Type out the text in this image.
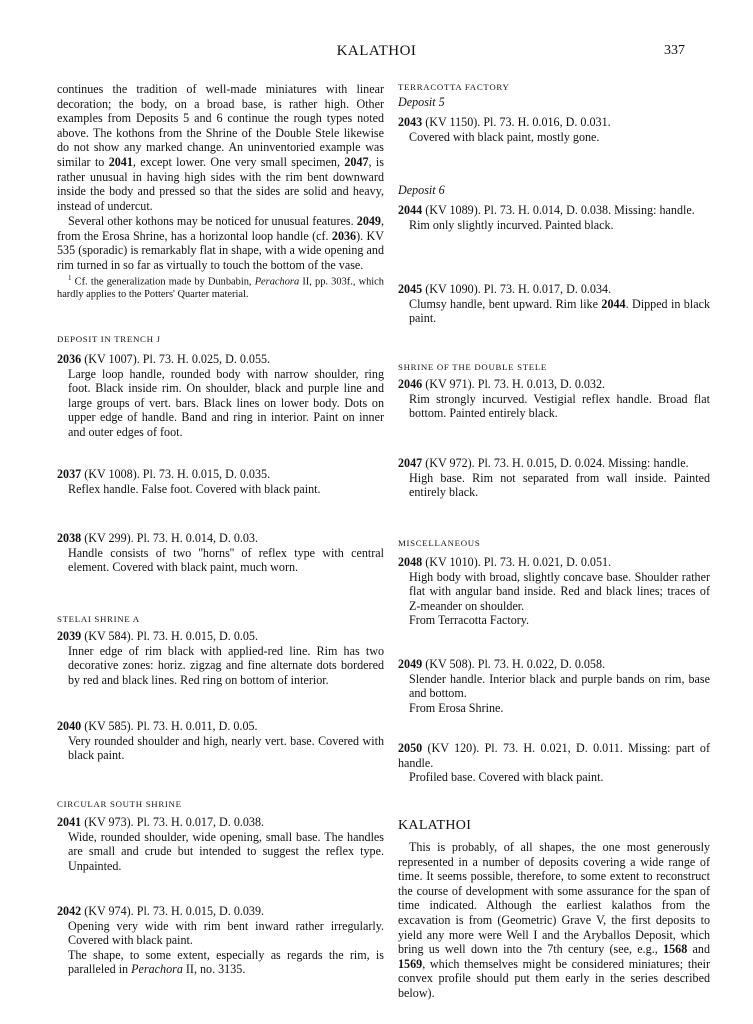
KALATHOI	337
continues the tradition of well-made miniatures with linear decoration; the body, on a broad base, is rather high. Other examples from Deposits 5 and 6 continue the rough types noted above. The kothons from the Shrine of the Double Stele likewise do not show any marked change. An uninventoried example was similar to 2041, except lower. One very small specimen, 2047, is rather unusual in having high sides with the rim bent downward inside the body and pressed so that the sides are solid and heavy, instead of undercut.
Several other kothons may be noticed for unusual features. 2049, from the Erosa Shrine, has a horizontal loop handle (cf. 2036). KV 535 (sporadic) is remarkably flat in shape, with a wide opening and rim turned in so far as virtually to touch the bottom of the vase.
$^1$ Cf. the generalization made by Dunbabin, Perachora II, pp. 303f., which hardly applies to the Potters' Quarter material.
DEPOSIT IN TRENCH J
2036 (KV 1007). Pl. 73. H. 0.025, D. 0.055.
Large loop handle, rounded body with narrow shoulder, ring foot. Black inside rim. On shoulder, black and purple line and large groups of vert. bars. Black lines on lower body. Dots on upper edge of handle. Band and ring in interior. Paint on inner and outer edges of foot.
2037 (KV 1008). Pl. 73. H. 0.015, D. 0.035.
Reflex handle. False foot. Covered with black paint.
2038 (KV 299). Pl. 73. H. 0.014, D. 0.03.
Handle consists of two ''horns'' of reflex type with central element. Covered with black paint, much worn.
STELAI SHRINE A
2039 (KV 584). Pl. 73. H. 0.015, D. 0.05.
Inner edge of rim black with applied-red line. Rim has two decorative zones: horiz. zigzag and fine alternate dots bordered by red and black lines. Red ring on bottom of interior.
2040 (KV 585). Pl. 73. H. 0.011, D. 0.05.
Very rounded shoulder and high, nearly vert. base. Covered with black paint.
CIRCULAR SOUTH SHRINE
2041 (KV 973). Pl. 73. H. 0.017, D. 0.038.
Wide, rounded shoulder, wide opening, small base. The handles are small and crude but intended to suggest the reflex type. Unpainted.
2042 (KV 974). Pl. 73. H. 0.015, D. 0.039.
Opening very wide with rim bent inward rather irregularly. Covered with black paint.
The shape, to some extent, especially as regards the rim, is paralleled in Perachora II, no. 3135.
TERRACOTTA FACTORY
Deposit 5
2043 (KV 1150). Pl. 73. H. 0.016, D. 0.031.
Covered with black paint, mostly gone.
Deposit 6
2044 (KV 1089). Pl. 73. H. 0.014, D. 0.038. Missing: handle.
Rim only slightly incurved. Painted black.
2045 (KV 1090). Pl. 73. H. 0.017, D. 0.034.
Clumsy handle, bent upward. Rim like 2044. Dipped in black paint.
SHRINE OF THE DOUBLE STELE
2046 (KV 971). Pl. 73. H. 0.013, D. 0.032.
Rim strongly incurved. Vestigial reflex handle. Broad flat bottom. Painted entirely black.
2047 (KV 972). Pl. 73. H. 0.015, D. 0.024. Missing: handle.
High base. Rim not separated from wall inside. Painted entirely black.
MISCELLANEOUS
2048 (KV 1010). Pl. 73. H. 0.021, D. 0.051.
High body with broad, slightly concave base. Shoulder rather flat with angular band inside. Red and black lines; traces of Z-meander on shoulder.
From Terracotta Factory.
2049 (KV 508). Pl. 73. H. 0.022, D. 0.058.
Slender handle. Interior black and purple bands on rim, base and bottom.
From Erosa Shrine.
2050 (KV 120). Pl. 73. H. 0.021, D. 0.011. Missing: part of handle.
Profiled base. Covered with black paint.
KALATHOI
This is probably, of all shapes, the one most generously represented in a number of deposits covering a wide range of time. It seems possible, therefore, to some extent to reconstruct the course of development with some assurance for the span of time indicated. Although the earliest kalathos from the excavation is from (Geometric) Grave V, the first deposits to yield any more were Well I and the Aryballos Deposit, which bring us well down into the 7th century (see, e.g., 1568 and 1569, which themselves might be considered miniatures; their convex profile should put them early in the series described below).
